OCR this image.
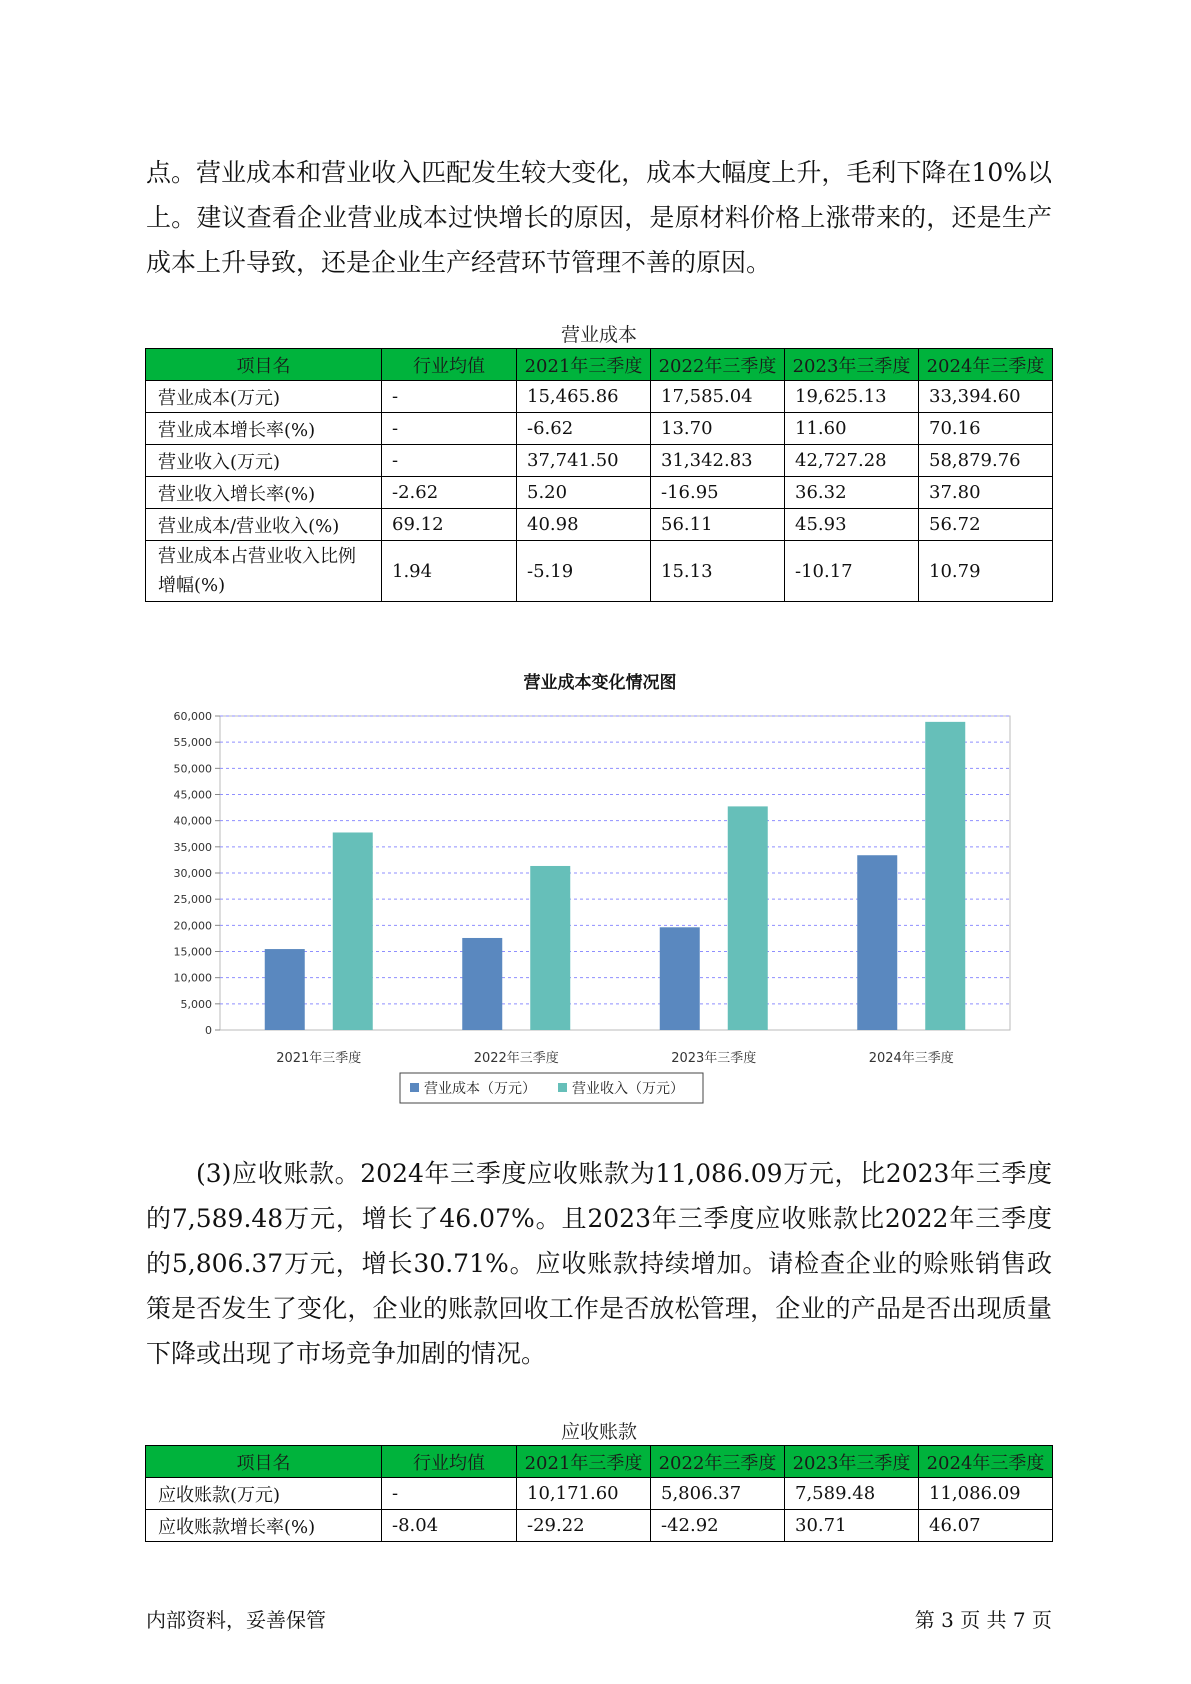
点。营业成本和营业收入匹配发生较大变化，成本大幅度上升，毛利下降在10%以上。建议查看企业营业成本过快增长的原因，是原材料价格上涨带来的，还是生产成本上升导致，还是企业生产经营环节管理不善的原因。

营业成本
项目名	行业均值	2021年三季度	2022年三季度	2023年三季度	2024年三季度
营业成本(万元)	-	15,465.86	17,585.04	19,625.13	33,394.60
营业成本增长率(%)	-	-6.62	13.70	11.60	70.16
营业收入(万元)	-	37,741.50	31,342.83	42,727.28	58,879.76
营业收入增长率(%)	-2.62	5.20	-16.95	36.32	37.80
营业成本/营业收入(%)	69.12	40.98	56.11	45.93	56.72
营业成本占营业收入比例增幅(%)	1.94	-5.19	15.13	-10.17	10.79
营业成本变化情况图
0
5,000
10,000
15,000
20,000
25,000
30,000
35,000
40,000
45,000
50,000
55,000
60,000
2021年三季度	2022年三季度	2023年三季度	2024年三季度
营业成本（万元）	营业收入（万元）

(3)应收账款。2024年三季度应收账款为11,086.09万元，比2023年三季度的7,589.48万元，增长了46.07%。且2023年三季度应收账款比2022年三季度的5,806.37万元，增长30.71%。应收账款持续增加。请检查企业的赊账销售政策是否发生了变化，企业的账款回收工作是否放松管理，企业的产品是否出现质量下降或出现了市场竞争加剧的情况。

应收账款
项目名	行业均值	2021年三季度	2022年三季度	2023年三季度	2024年三季度
应收账款(万元)	-	10,171.60	5,806.37	7,589.48	11,086.09
应收账款增长率(%)	-8.04	-29.22	-42.92	30.71	46.07
内部资料，妥善保管	第 3 页 共 7 页
